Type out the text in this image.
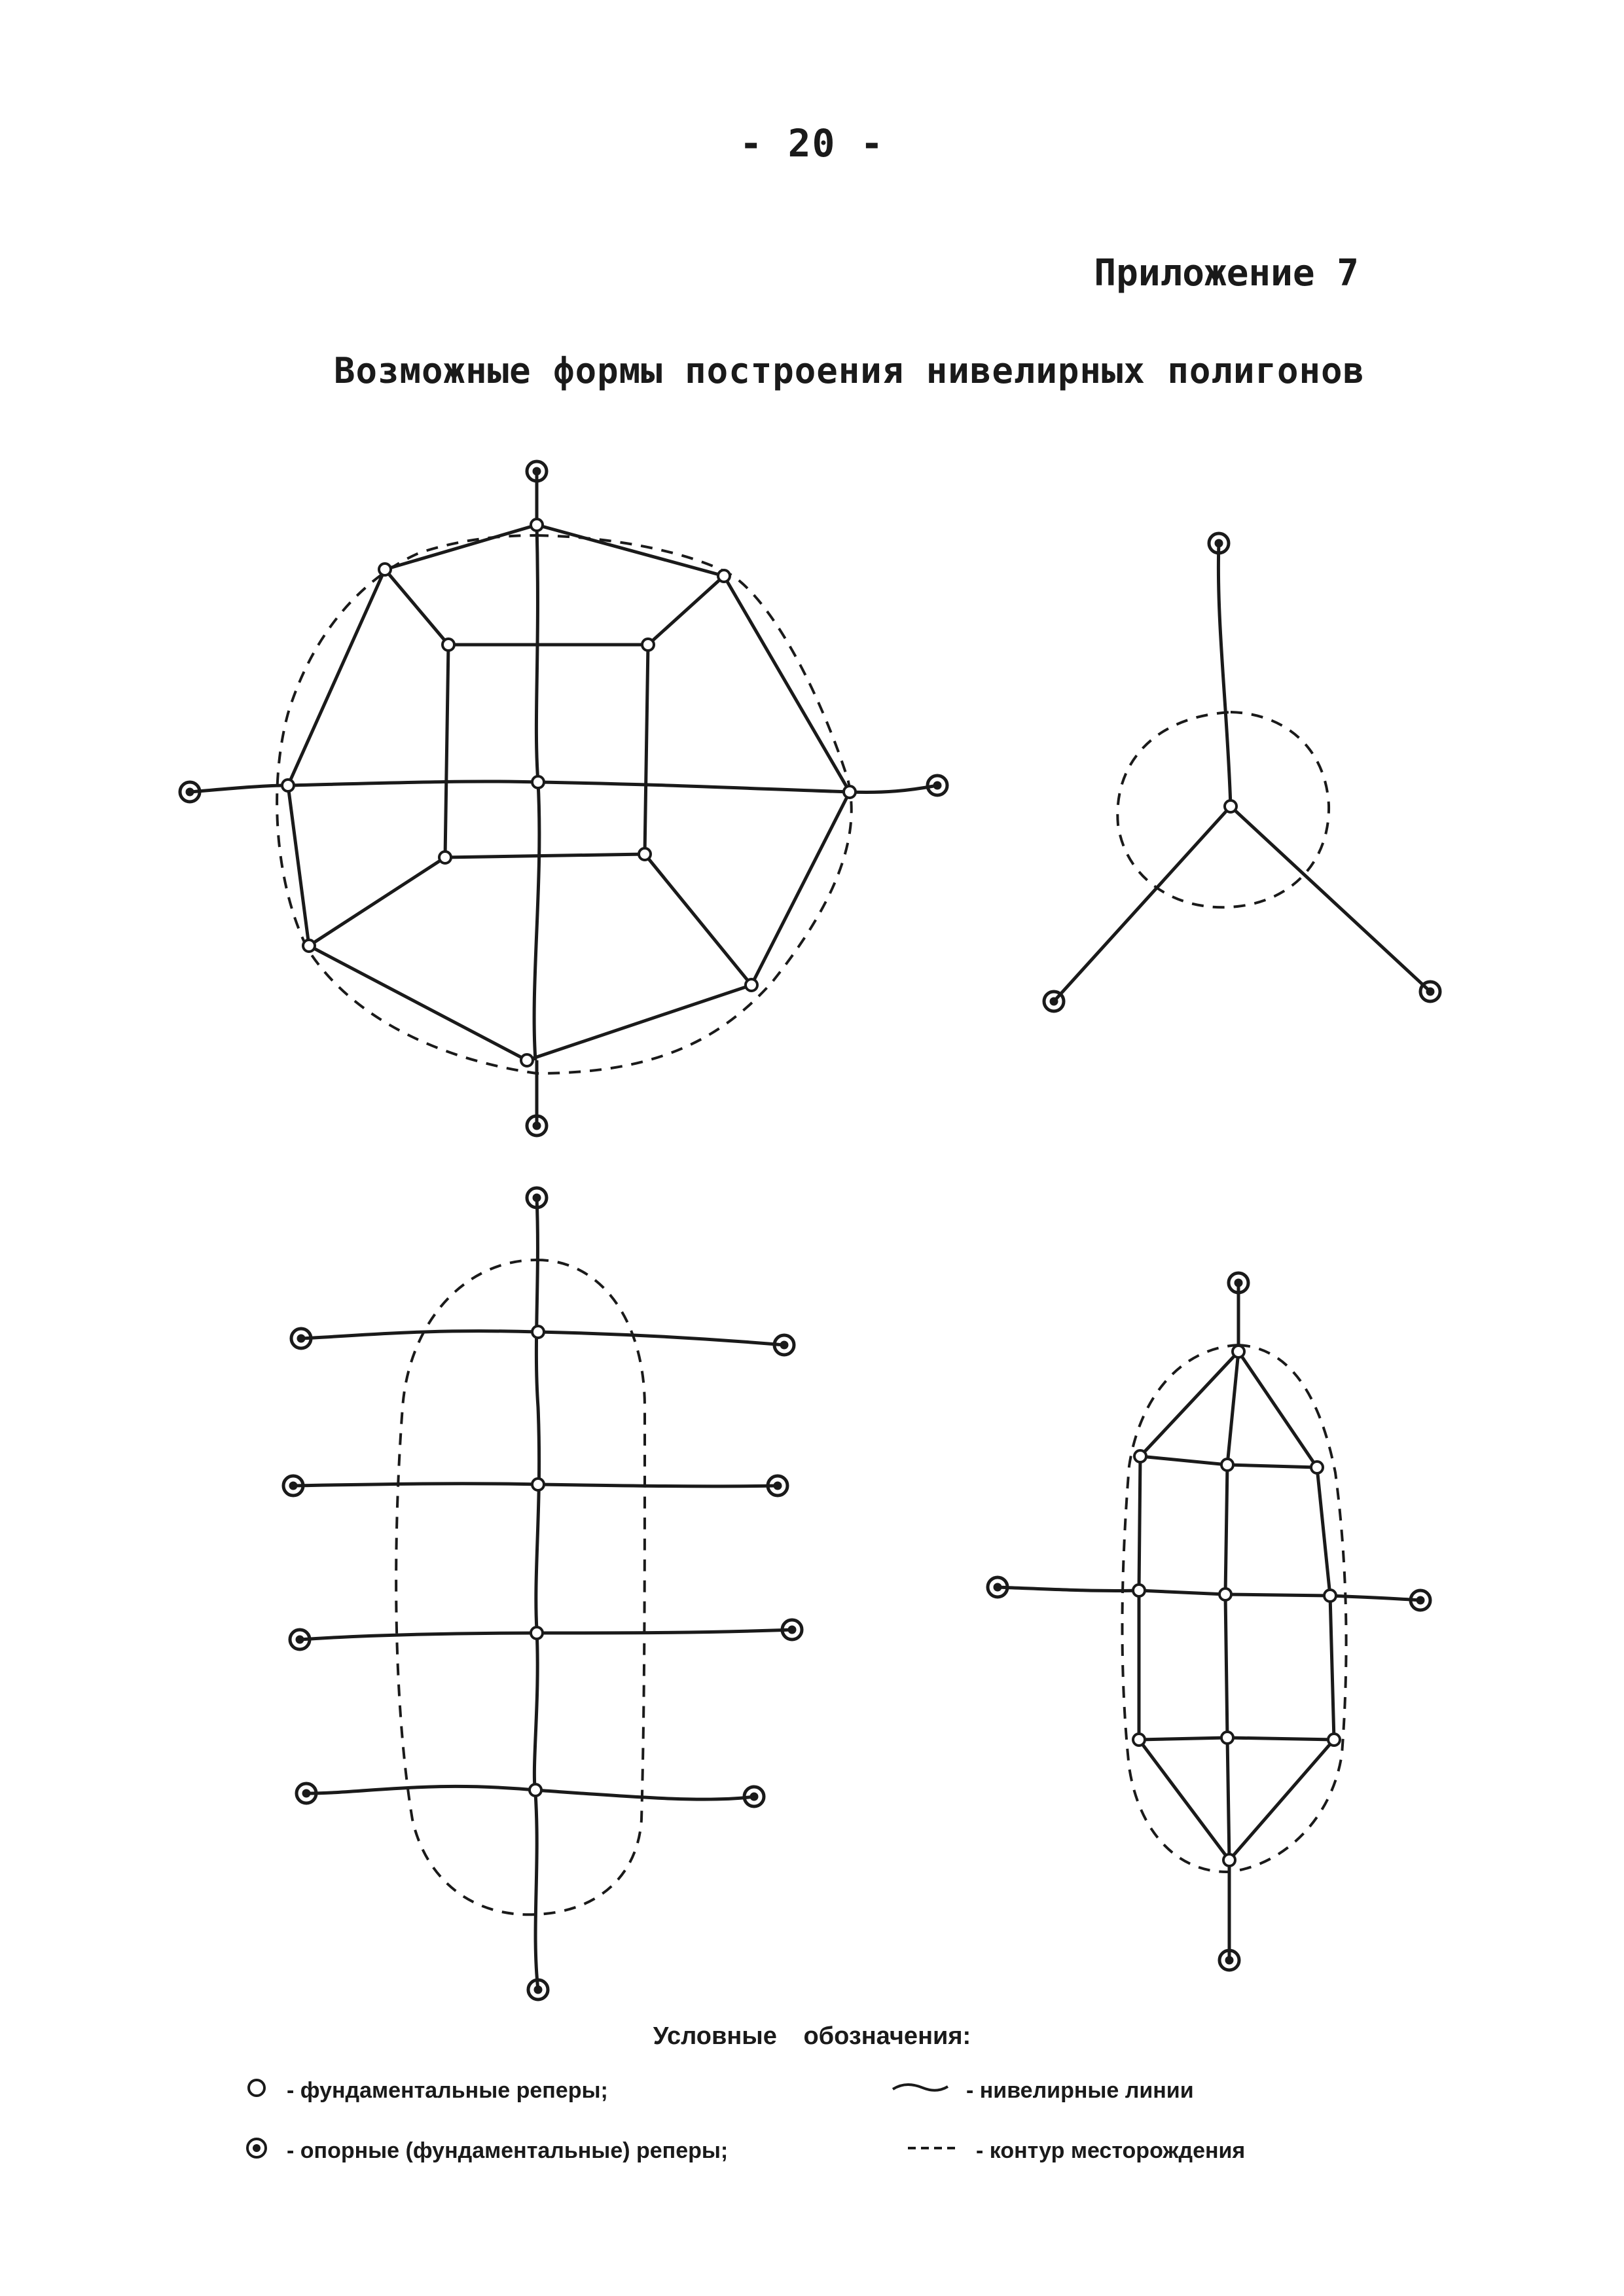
- 20 -
Приложение 7
Возможные формы построения нивелирных полигонов
Условные обозначения:
- фундаментальные реперы;	- нивелирные линии
- опорные (фундаментальные) реперы;	- контур месторождения
